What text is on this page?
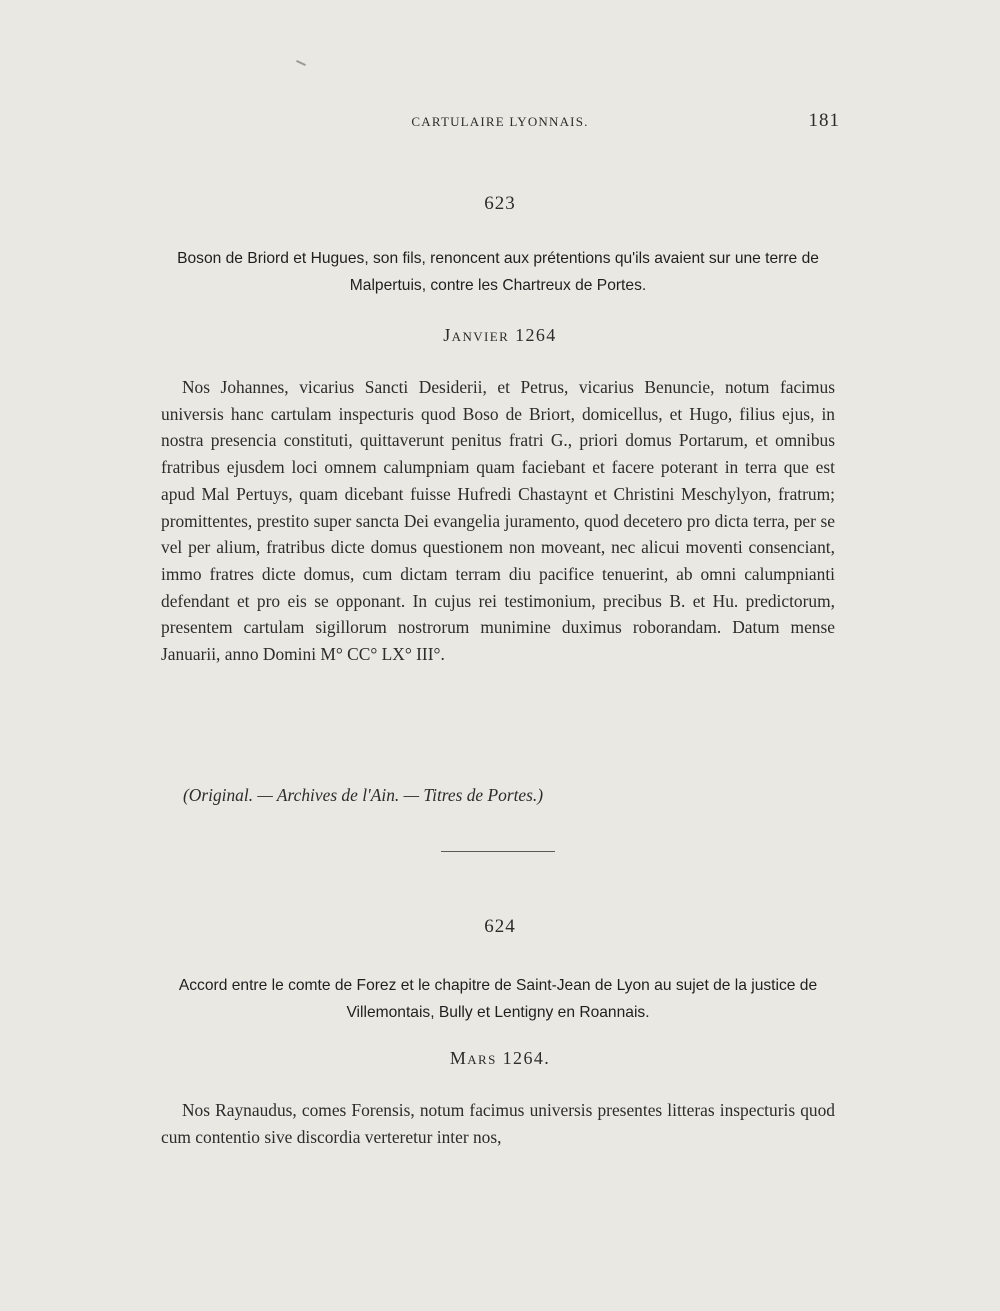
CARTULAIRE LYONNAIS.	181
623
Boson de Briord et Hugues, son fils, renoncent aux prétentions qu'ils avaient sur une terre de Malpertuis, contre les Chartreux de Portes.
Janvier 1264

Nos Johannes, vicarius Sancti Desiderii, et Petrus, vicarius Benuncie, notum facimus universis hanc cartulam inspecturis quod Boso de Briort, domicellus, et Hugo, filius ejus, in nostra presencia constituti, quittaverunt penitus fratri G., priori domus Portarum, et omnibus fratribus ejusdem loci omnem calumpniam quam faciebant et facere poterant in terra que est apud Mal Pertuys, quam dicebant fuisse Hufredi Chastaynt et Christini Meschylyon, fratrum; promittentes, prestito super sancta Dei evangelia juramento, quod decetero pro dicta terra, per se vel per alium, fratribus dicte domus questionem non moveant, nec alicui moventi consenciant, immo fratres dicte domus, cum dictam terram diu pacifice tenuerint, ab omni calumpnianti defendant et pro eis se opponant. In cujus rei testimonium, precibus B. et Hu. predictorum, presentem cartulam sigillorum nostrorum munimine duximus roborandam. Datum mense Januarii, anno Domini M° CC° LX° III°.

(Original. — Archives de l'Ain. — Titres de Portes.)
624
Accord entre le comte de Forez et le chapitre de Saint-Jean de Lyon au sujet de la justice de Villemontais, Bully et Lentigny en Roannais.
Mars 1264.

Nos Raynaudus, comes Forensis, notum facimus universis presentes litteras inspecturis quod cum contentio sive discordia verteretur inter nos,
